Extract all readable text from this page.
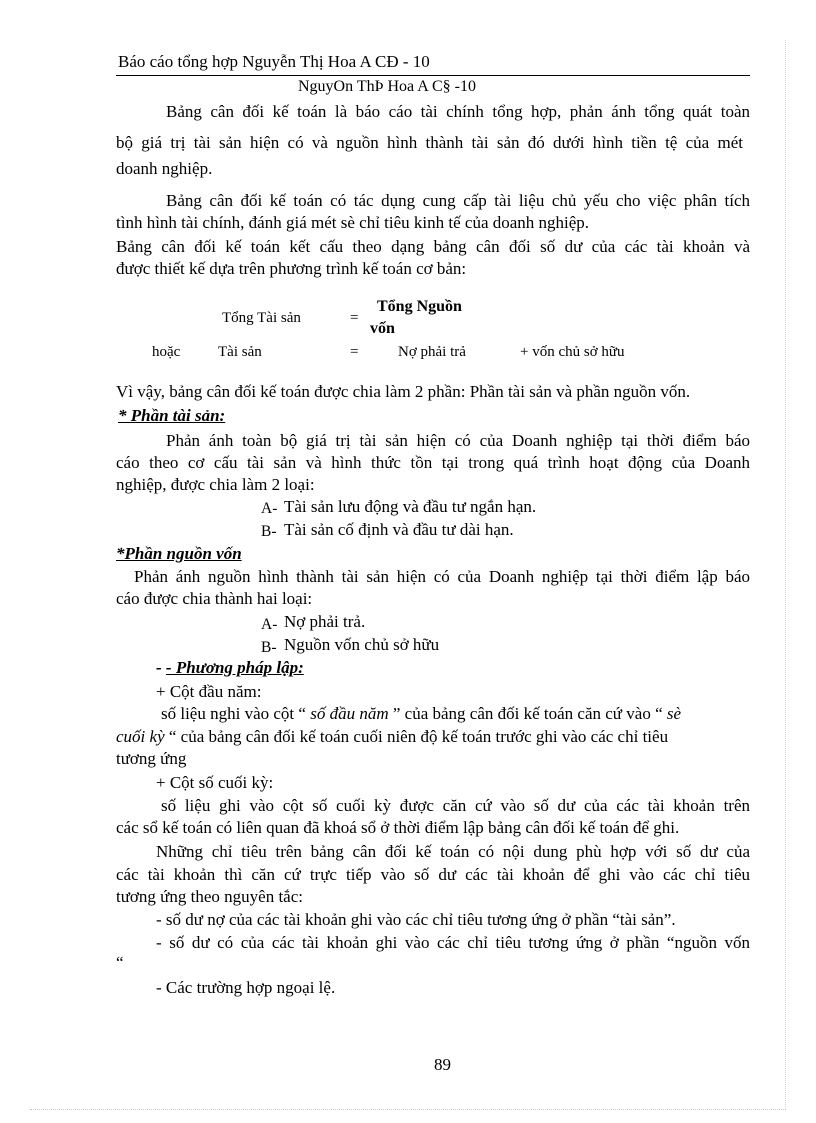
Báo cáo tổng hợp Nguyễn Thị Hoa A CĐ - 10
NguyOn ThÞ Hoa A C§ -10
Bảng cân đối kế toán là báo cáo tài chính tổng hợp, phản ánh tổng quát toàn
bộ giá trị tài sản hiện có và nguồn hình thành tài sản đó dưới hình tiền tệ của mét
doanh nghiệp.
Bảng cân đối kế toán có tác dụng cung cấp tài liệu chủ yếu cho việc phân tích
tình hình tài chính, đánh giá mét sè chỉ tiêu kinh tế của doanh nghiệp.
Bảng cân đối kế toán kết cấu theo dạng bảng cân đối số dư của các tài khoản và
được thiết kế dựa trên phương trình kế toán cơ bản:
Tổng Tài sản	=
Tổng Nguồn
vốn
hoặc	Tài sản	=	Nợ phải trả	+ vốn chủ sở hữu
Vì vậy, bảng cân đối kế toán được chia làm 2 phần: Phần tài sản và phần nguồn vốn.
* Phần tài sản:
Phản ánh toàn bộ giá trị tài sản hiện có của Doanh nghiệp tại thời điểm báo
cáo theo cơ cấu tài sản và hình thức tồn tại trong quá trình hoạt động của Doanh
nghiệp, được chia làm 2 loại:
A- Tài sản lưu động và đầu tư ngắn hạn.
B- Tài sản cố định và đầu tư dài hạn.
*Phần nguồn vốn
Phản ánh nguồn hình thành tài sản hiện có của Doanh nghiệp tại thời điểm lập báo
cáo được chia thành hai loại:
A- Nợ phải trả.
B- Nguồn vốn chủ sở hữu
- - Phương pháp lập:
+ Cột đầu năm:
số liệu nghi vào cột “ số đầu năm ” của bảng cân đối kế toán căn cứ vào “ sè
cuối kỳ “ của bảng cân đối kế toán cuối niên độ kế toán trước ghi vào các chỉ tiêu
tương ứng
+ Cột số cuối kỳ:
số liệu ghi vào cột số cuối kỳ được căn cứ vào số dư của các tài khoản trên
các sổ kế toán có liên quan đã khoá sổ ở thời điểm lập bảng cân đối kế toán để ghi.
Những chỉ tiêu trên bảng cân đối kế toán có nội dung phù hợp với số dư của
các tài khoản thì căn cứ trực tiếp vào số dư các tài khoản để ghi vào các chỉ tiêu
tương ứng theo nguyên tắc:
- số dư nợ của các tài khoản ghi vào các chỉ tiêu tương ứng ở phần “tài sản”.
- số dư có của các tài khoản ghi vào các chỉ tiêu tương ứng ở phần “nguồn vốn
“
- Các trường hợp ngoại lệ.
89
